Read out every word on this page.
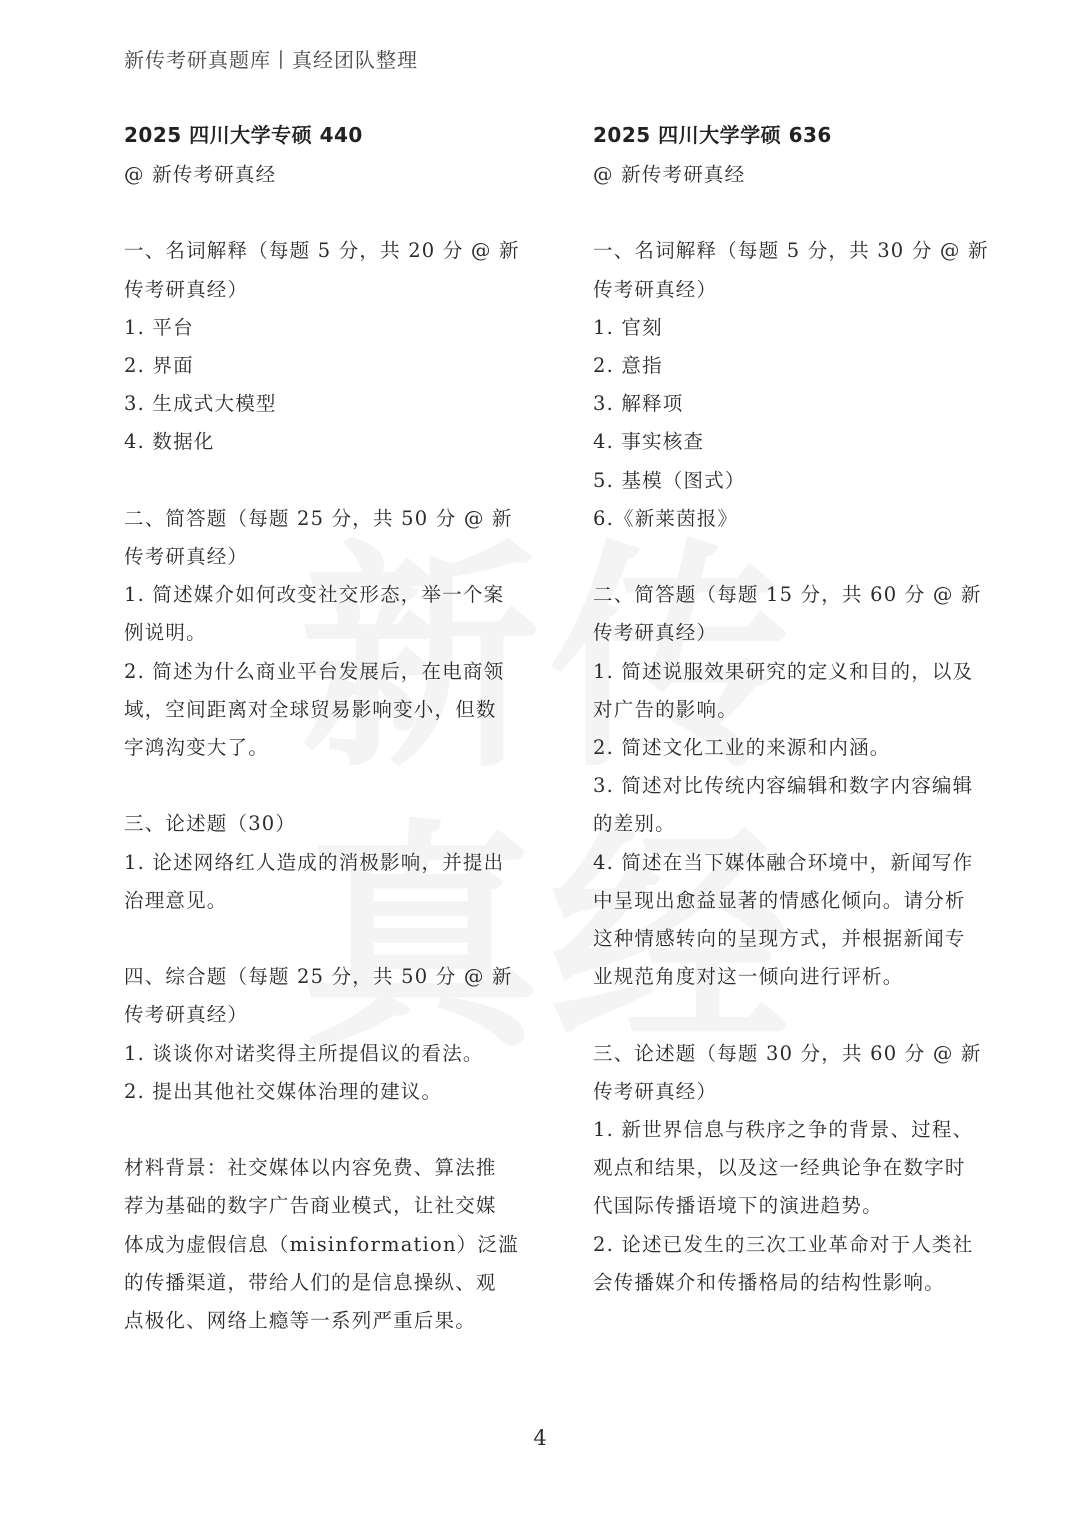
新传考研真题库丨真经团队整理
2025 四川大学专硕 440
@ 新传考研真经
一、名词解释（每题 5 分，共 20 分 @ 新
传考研真经）
1. 平台
2. 界面
3. 生成式大模型
4. 数据化
二、简答题（每题 25 分，共 50 分 @ 新
传考研真经）
1. 简述媒介如何改变社交形态，举一个案
例说明。
2. 简述为什么商业平台发展后，在电商领
域，空间距离对全球贸易影响变小，但数
字鸿沟变大了。
三、论述题（30）
1. 论述网络红人造成的消极影响，并提出
治理意见。
四、综合题（每题 25 分，共 50 分 @ 新
传考研真经）
1. 谈谈你对诺奖得主所提倡议的看法。
2. 提出其他社交媒体治理的建议。
材料背景：社交媒体以内容免费、算法推
荐为基础的数字广告商业模式，让社交媒
体成为虚假信息（misinformation）泛滥
的传播渠道，带给人们的是信息操纵、观
点极化、网络上瘾等一系列严重后果。
2025 四川大学学硕 636
@ 新传考研真经
一、名词解释（每题 5 分，共 30 分 @ 新
传考研真经）
1. 官刻
2. 意指
3. 解释项
4. 事实核查
5. 基模（图式）
6.《新莱茵报》
二、简答题（每题 15 分，共 60 分 @ 新
传考研真经）
1. 简述说服效果研究的定义和目的，以及
对广告的影响。
2. 简述文化工业的来源和内涵。
3. 简述对比传统内容编辑和数字内容编辑
的差别。
4. 简述在当下媒体融合环境中，新闻写作
中呈现出愈益显著的情感化倾向。请分析
这种情感转向的呈现方式，并根据新闻专
业规范角度对这一倾向进行评析。
三、论述题（每题 30 分，共 60 分 @ 新
传考研真经）
1. 新世界信息与秩序之争的背景、过程、
观点和结果，以及这一经典论争在数字时
代国际传播语境下的演进趋势。
2. 论述已发生的三次工业革命对于人类社
会传播媒介和传播格局的结构性影响。
4
